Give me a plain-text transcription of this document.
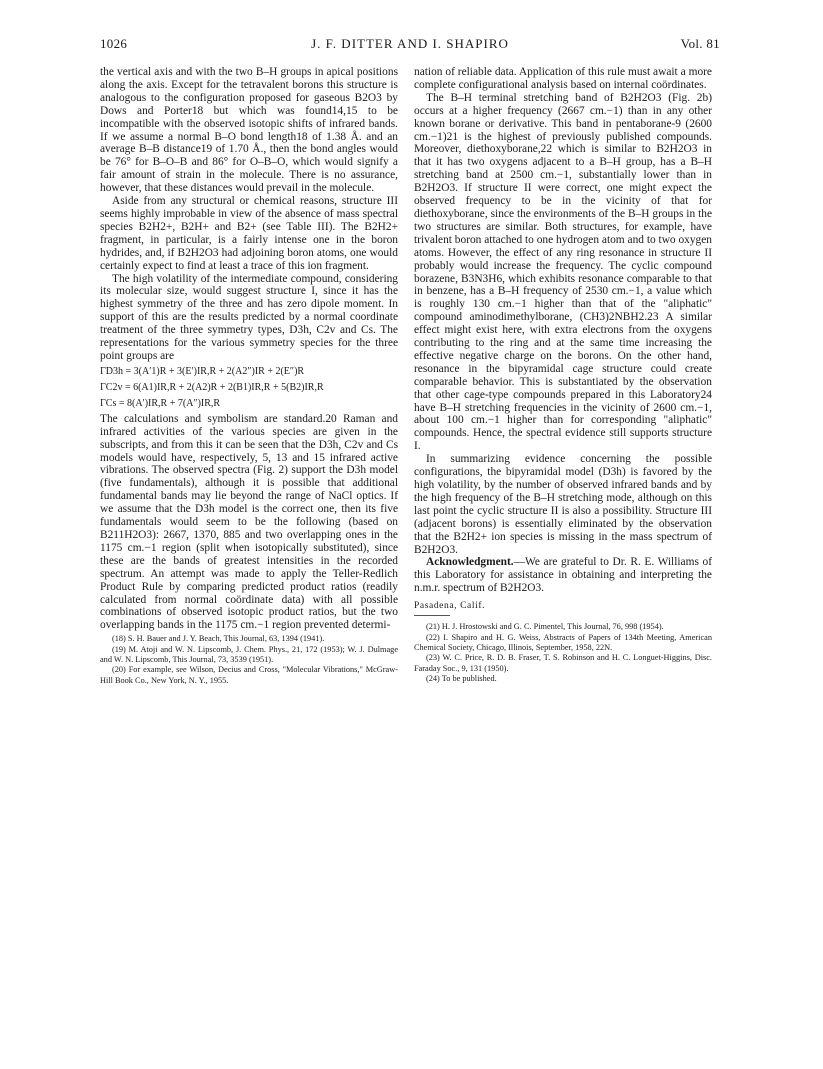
1026	J. F. DITTER AND I. SHAPIRO	Vol. 81

the vertical axis and with the two B–H groups in apical positions along the axis. Except for the tetravalent borons this structure is analogous to the configuration proposed for gaseous B2O3 by Dows and Porter18 but which was found14,15 to be incompatible with the observed isotopic shifts of infrared bands. If we assume a normal B–O bond length18 of 1.38 Å. and an average B–B distance19 of 1.70 Å., then the bond angles would be 76° for B–O–B and 86° for O–B–O, which would signify a fair amount of strain in the molecule. There is no assurance, however, that these distances would prevail in the molecule.

Aside from any structural or chemical reasons, structure III seems highly improbable in view of the absence of mass spectral species B2H2+, B2H+ and B2+ (see Table III). The B2H2+ fragment, in particular, is a fairly intense one in the boron hydrides, and, if B2H2O3 had adjoining boron atoms, one would certainly expect to find at least a trace of this ion fragment.

The high volatility of the intermediate compound, considering its molecular size, would suggest structure I, since it has the highest symmetry of the three and has zero dipole moment. In support of this are the results predicted by a normal coordinate treatment of the three symmetry types, D3h, C2v and Cs. The representations for the various symmetry species for the three point groups are

ΓD3h = 3(A′1)R + 3(E′)IR,R + 2(A2″)IR + 2(E″)R
ΓC2v = 6(A1)IR,R + 2(A2)R + 2(B1)IR,R + 5(B2)IR,R
ΓCs = 8(A′)IR,R + 7(A″)IR,R

The calculations and symbolism are standard.20 Raman and infrared activities of the various species are given in the subscripts, and from this it can be seen that the D3h, C2v and Cs models would have, respectively, 5, 13 and 15 infrared active vibrations. The observed spectra (Fig. 2) support the D3h model (five fundamentals), although it is possible that additional fundamental bands may lie beyond the range of NaCl optics. If we assume that the D3h model is the correct one, then its five fundamentals would seem to be the following (based on B211H2O3): 2667, 1370, 885 and two overlapping ones in the 1175 cm.−1 region (split when isotopically substituted), since these are the bands of greatest intensities in the recorded spectrum. An attempt was made to apply the Teller-Redlich Product Rule by comparing predicted product ratios (readily calculated from normal coördinate data) with all possible combinations of observed isotopic product ratios, but the two overlapping bands in the 1175 cm.−1 region prevented determi-

(18) S. H. Bauer and J. Y. Beach, This Journal, 63, 1394 (1941).

(19) M. Atoji and W. N. Lipscomb, J. Chem. Phys., 21, 172 (1953); W. J. Dulmage and W. N. Lipscomb, This Journal, 73, 3539 (1951).

(20) For example, see Wilson, Decius and Cross, "Molecular Vibrations," McGraw-Hill Book Co., New York, N. Y., 1955.

nation of reliable data. Application of this rule must await a more complete configurational analysis based on internal coördinates.

The B–H terminal stretching band of B2H2O3 (Fig. 2b) occurs at a higher frequency (2667 cm.−1) than in any other known borane or derivative. This band in pentaborane-9 (2600 cm.−1)21 is the highest of previously published compounds. Moreover, diethoxyborane,22 which is similar to B2H2O3 in that it has two oxygens adjacent to a B–H group, has a B–H stretching band at 2500 cm.−1, substantially lower than in B2H2O3. If structure II were correct, one might expect the observed frequency to be in the vicinity of that for diethoxyborane, since the environments of the B–H groups in the two structures are similar. Both structures, for example, have trivalent boron attached to one hydrogen atom and to two oxygen atoms. However, the effect of any ring resonance in structure II probably would increase the frequency. The cyclic compound borazene, B3N3H6, which exhibits resonance comparable to that in benzene, has a B–H frequency of 2530 cm.−1, a value which is roughly 130 cm.−1 higher than that of the "aliphatic" compound aminodimethylborane, (CH3)2NBH2.23 A similar effect might exist here, with extra electrons from the oxygens contributing to the ring and at the same time increasing the effective negative charge on the borons. On the other hand, resonance in the bipyramidal cage structure could create comparable behavior. This is substantiated by the observation that other cage-type compounds prepared in this Laboratory24 have B–H stretching frequencies in the vicinity of 2600 cm.−1, about 100 cm.−1 higher than for corresponding "aliphatic" compounds. Hence, the spectral evidence still supports structure I.

In summarizing evidence concerning the possible configurations, the bipyramidal model (D3h) is favored by the high volatility, by the number of observed infrared bands and by the high frequency of the B–H stretching mode, although on this last point the cyclic structure II is also a possibility. Structure III (adjacent borons) is essentially eliminated by the observation that the B2H2+ ion species is missing in the mass spectrum of B2H2O3.

Acknowledgment.—We are grateful to Dr. R. E. Williams of this Laboratory for assistance in obtaining and interpreting the n.m.r. spectrum of B2H2O3.

Pasadena, Calif.

(21) H. J. Hrostowski and G. C. Pimentel, This Journal, 76, 998 (1954).

(22) I. Shapiro and H. G. Weiss, Abstracts of Papers of 134th Meeting, American Chemical Society, Chicago, Illinois, September, 1958, 22N.

(23) W. C. Price, R. D. B. Fraser, T. S. Robinson and H. C. Longuet-Higgins, Disc. Faraday Soc., 9, 131 (1950).

(24) To be published.
